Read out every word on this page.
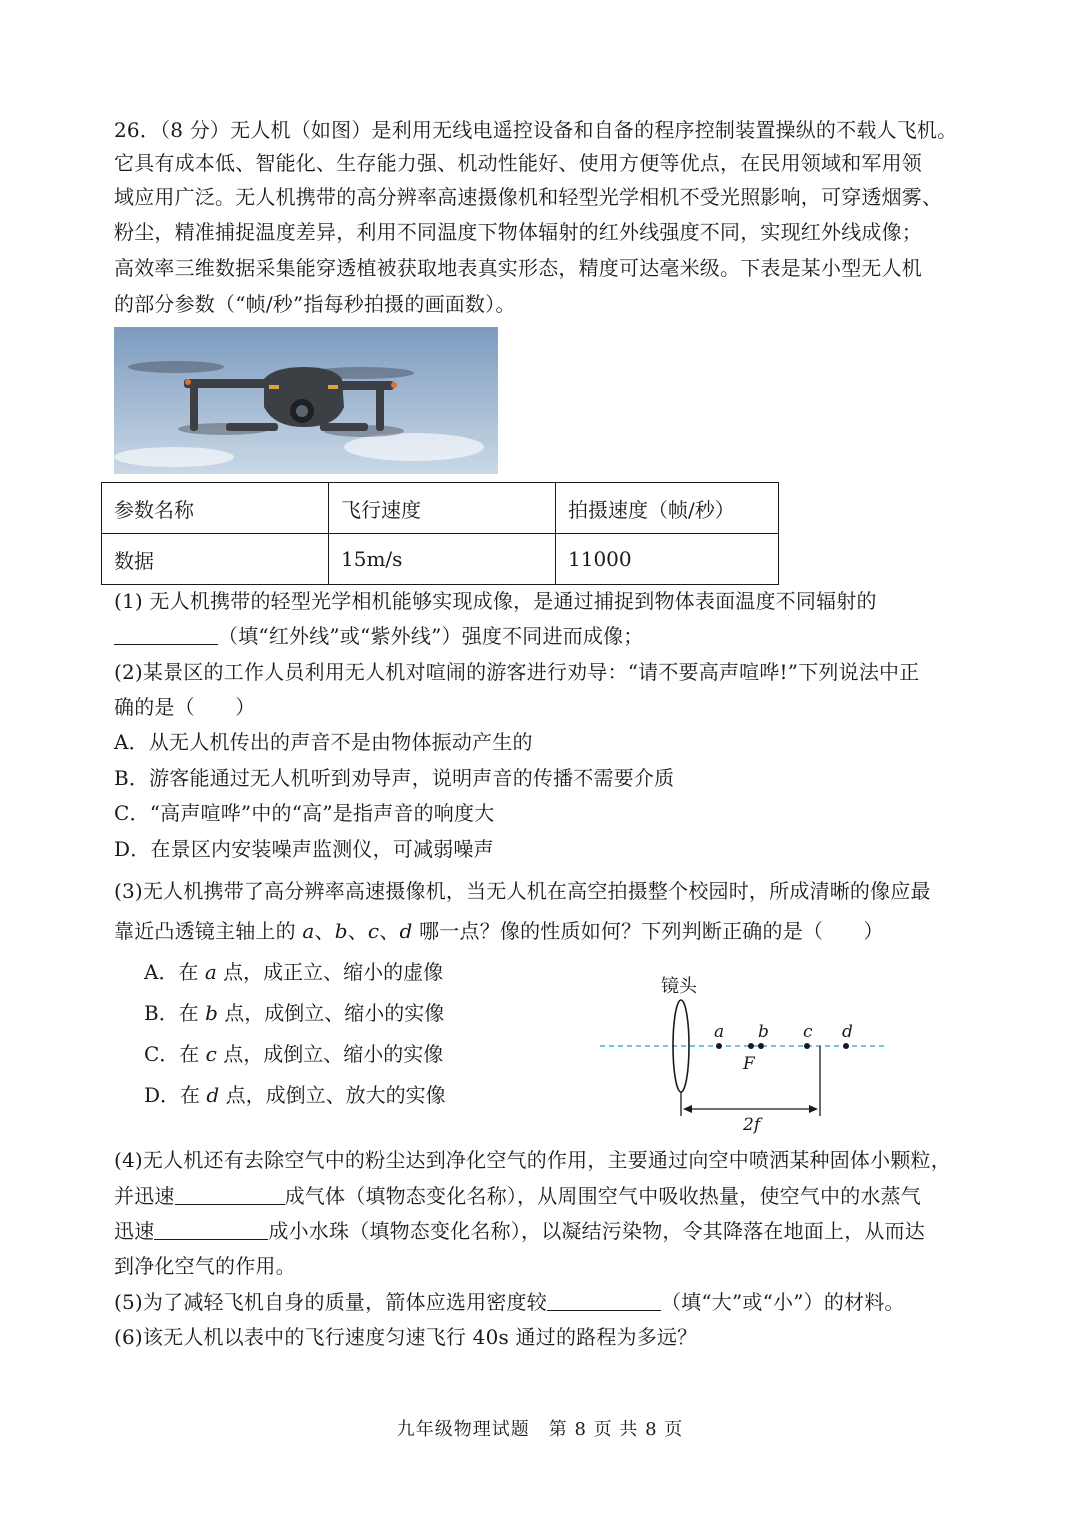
26．（8 分）无人机（如图）是利用无线电遥控设备和自备的程序控制装置操纵的不载人飞机。
它具有成本低、智能化、生存能力强、机动性能好、使用方便等优点，在民用领域和军用领
域应用广泛。无人机携带的高分辨率高速摄像机和轻型光学相机不受光照影响，可穿透烟雾、
粉尘，精准捕捉温度差异，利用不同温度下物体辐射的红外线强度不同，实现红外线成像；
高效率三维数据采集能穿透植被获取地表真实形态，精度可达毫米级。下表是某小型无人机
的部分参数（“帧/秒”指每秒拍摄的画面数）。
参数名称	飞行速度	拍摄速度（帧/秒）
数据	15m/s	11000
(1) 无人机携带的轻型光学相机能够实现成像，是通过捕捉到物体表面温度不同辐射的
（填“红外线”或“紫外线”）强度不同进而成像；
(2)某景区的工作人员利用无人机对喧闹的游客进行劝导：“请不要高声喧哗!”下列说法中正
确的是（　　）
A．从无人机传出的声音不是由物体振动产生的
B．游客能通过无人机听到劝导声，说明声音的传播不需要介质
C．“高声喧哗”中的“高”是指声音的响度大
D．在景区内安装噪声监测仪，可减弱噪声
(3)无人机携带了高分辨率高速摄像机，当无人机在高空拍摄整个校园时，所成清晰的像应最
靠近凸透镜主轴上的 a、b、c、d 哪一点？像的性质如何？下列判断正确的是（　　）
A．在 a 点，成正立、缩小的虚像
B．在 b 点，成倒立、缩小的实像
C．在 c 点，成倒立、缩小的实像
D．在 d 点，成倒立、放大的实像
镜头
a b c d
F
2f
(4)无人机还有去除空气中的粉尘达到净化空气的作用，主要通过向空中喷洒某种固体小颗粒，
并迅速	成气体（填物态变化名称），从周围空气中吸收热量，使空气中的水蒸气
迅速	成小水珠（填物态变化名称），以凝结污染物，令其降落在地面上，从而达
到净化空气的作用。
(5)为了减轻飞机自身的质量，箭体应选用密度较	（填“大”或“小”）的材料。
(6)该无人机以表中的飞行速度匀速飞行 40s 通过的路程为多远？
九年级物理试题　第 8 页 共 8 页
